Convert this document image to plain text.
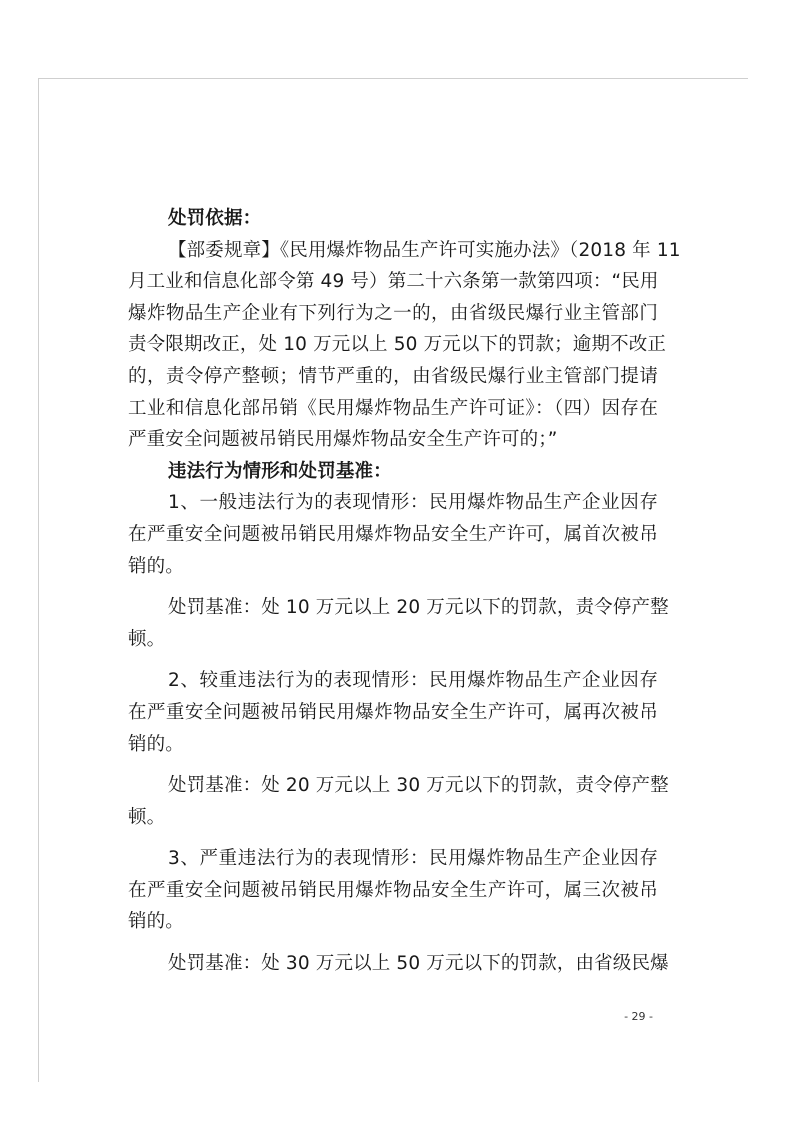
处罚依据：
【部委规章】《民用爆炸物品生产许可实施办法》（2018 年 11
月工业和信息化部令第 49 号）第二十六条第一款第四项：“民用
爆炸物品生产企业有下列行为之一的，由省级民爆行业主管部门
责令限期改正，处 10 万元以上 50 万元以下的罚款；逾期不改正
的，责令停产整顿；情节严重的，由省级民爆行业主管部门提请
工业和信息化部吊销《民用爆炸物品生产许可证》：（四）因存在
严重安全问题被吊销民用爆炸物品安全生产许可的；”
违法行为情形和处罚基准：
1、一般违法行为的表现情形：民用爆炸物品生产企业因存
在严重安全问题被吊销民用爆炸物品安全生产许可，属首次被吊
销的。
处罚基准：处 10 万元以上 20 万元以下的罚款，责令停产整
顿。
2、较重违法行为的表现情形：民用爆炸物品生产企业因存
在严重安全问题被吊销民用爆炸物品安全生产许可，属再次被吊
销的。
处罚基准：处 20 万元以上 30 万元以下的罚款，责令停产整
顿。
3、严重违法行为的表现情形：民用爆炸物品生产企业因存
在严重安全问题被吊销民用爆炸物品安全生产许可，属三次被吊
销的。
处罚基准：处 30 万元以上 50 万元以下的罚款，由省级民爆
- 29 -
